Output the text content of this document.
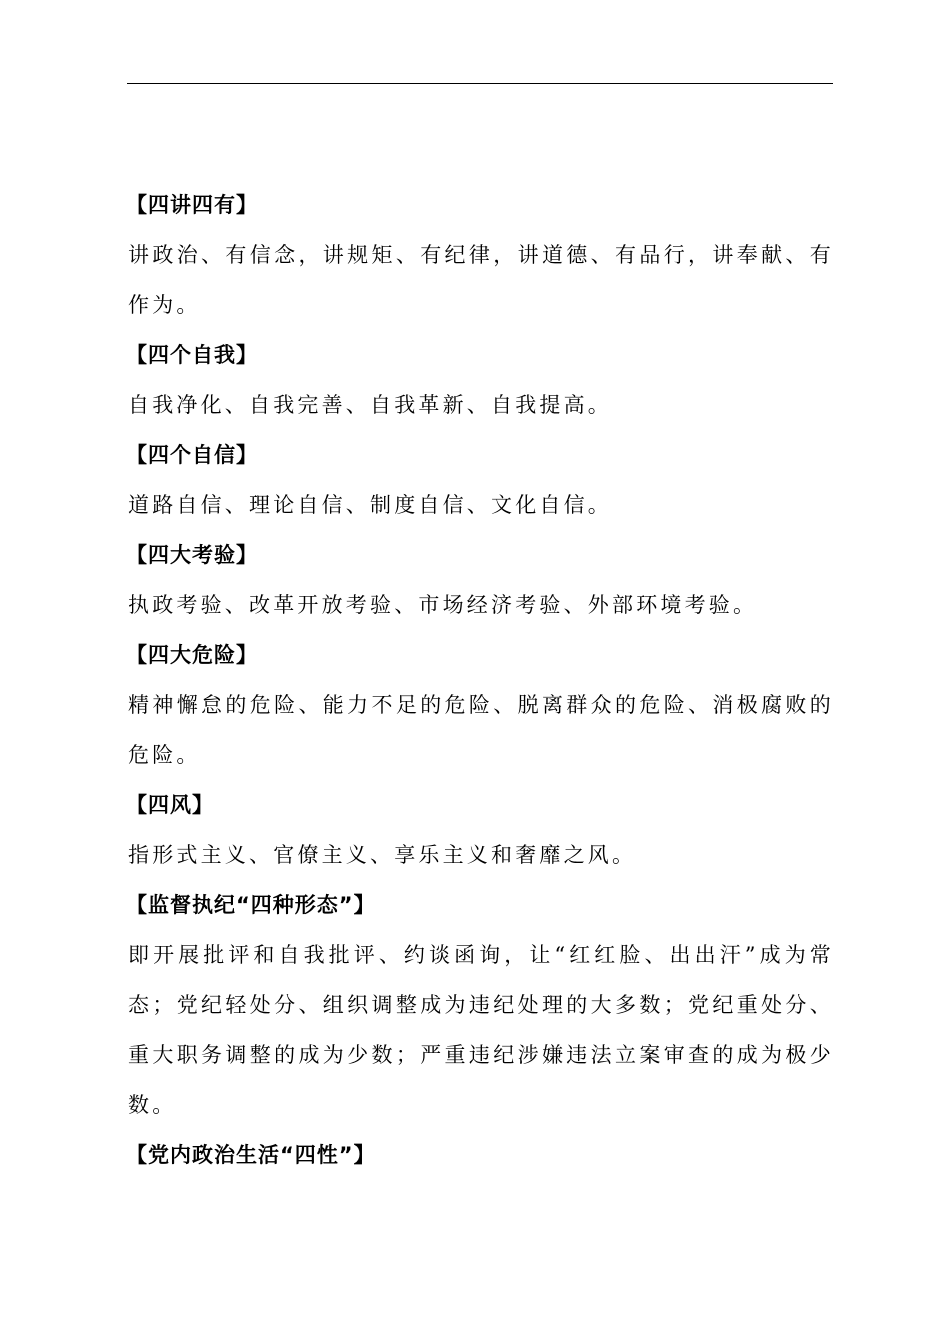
【四讲四有】

讲政治、有信念，讲规矩、有纪律，讲道德、有品行，讲奉献、有作为。

【四个自我】

自我净化、自我完善、自我革新、自我提高。

【四个自信】

道路自信、理论自信、制度自信、文化自信。

【四大考验】

执政考验、改革开放考验、市场经济考验、外部环境考验。

【四大危险】

精神懈怠的危险、能力不足的危险、脱离群众的危险、消极腐败的危险。

【四风】

指形式主义、官僚主义、享乐主义和奢靡之风。

【监督执纪“四种形态”】

即开展批评和自我批评、约谈函询，让“红红脸、出出汗”成为常态；党纪轻处分、组织调整成为违纪处理的大多数；党纪重处分、重大职务调整的成为少数；严重违纪涉嫌违法立案审查的成为极少数。

【党内政治生活“四性”】
